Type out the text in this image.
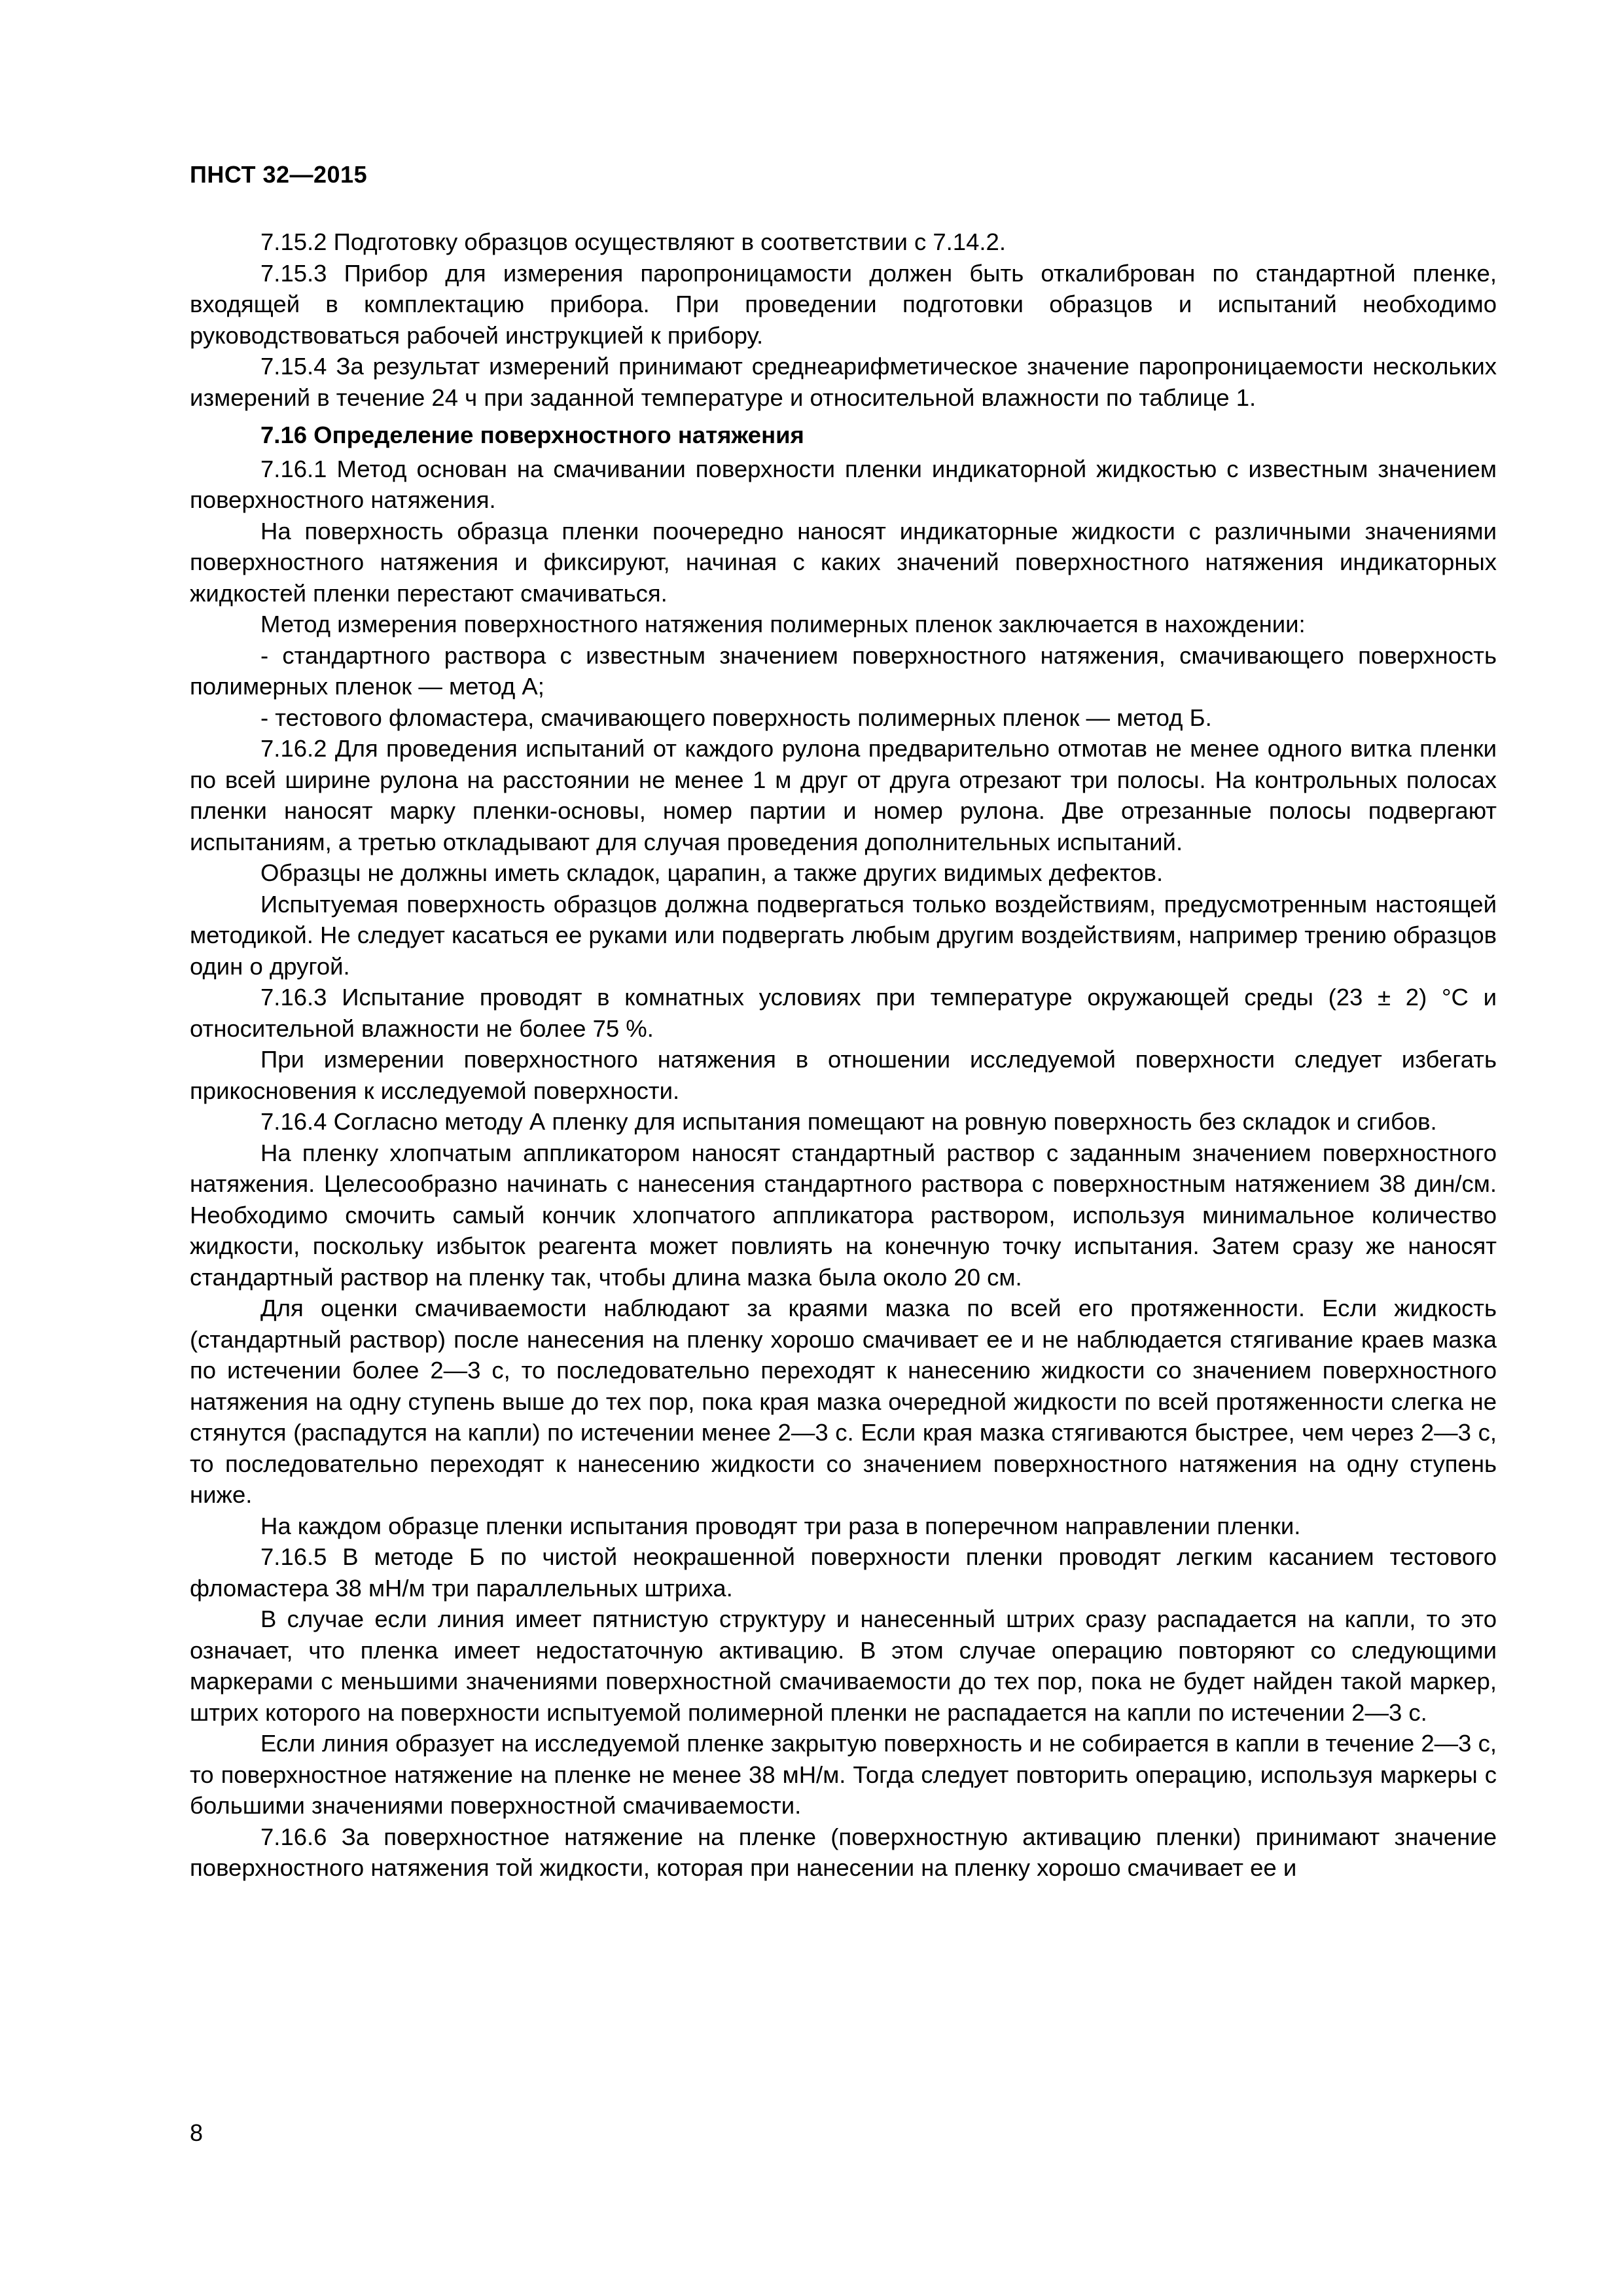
ПНСТ 32—2015

7.15.2 Подготовку образцов осуществляют в соответствии с 7.14.2.

7.15.3 Прибор для измерения паропроницамости должен быть откалиброван по стандартной пленке, входящей в комплектацию прибора. При проведении подготовки образцов и испытаний необходимо руководствоваться рабочей инструкцией к прибору.

7.15.4 За результат измерений принимают среднеарифметическое значение паропроницаемости нескольких измерений в течение 24 ч при заданной температуре и относительной влажности по таблице 1.

7.16 Определение поверхностного натяжения

7.16.1 Метод основан на смачивании поверхности пленки индикаторной жидкостью с известным значением поверхностного натяжения.

На поверхность образца пленки поочередно наносят индикаторные жидкости с различными значениями поверхностного натяжения и фиксируют, начиная с каких значений поверхностного натяжения индикаторных жидкостей пленки перестают смачиваться.

Метод измерения поверхностного натяжения полимерных пленок заключается в нахождении:

- стандартного раствора с известным значением поверхностного натяжения, смачивающего поверхность полимерных пленок — метод А;

- тестового фломастера, смачивающего поверхность полимерных пленок — метод Б.

7.16.2 Для проведения испытаний от каждого рулона предварительно отмотав не менее одного витка пленки по всей ширине рулона на расстоянии не менее 1 м друг от друга отрезают три полосы. На контрольных полосах пленки наносят марку пленки-основы, номер партии и номер рулона. Две отрезанные полосы подвергают испытаниям, а третью откладывают для случая проведения дополнительных испытаний.

Образцы не должны иметь складок, царапин, а также других видимых дефектов.

Испытуемая поверхность образцов должна подвергаться только воздействиям, предусмотренным настоящей методикой. Не следует касаться ее руками или подвергать любым другим воздействиям, например трению образцов один о другой.

7.16.3 Испытание проводят в комнатных условиях при температуре окружающей среды (23 ± 2) °С и относительной влажности не более 75 %.

При измерении поверхностного натяжения в отношении исследуемой поверхности следует избегать прикосновения к исследуемой поверхности.

7.16.4 Согласно методу А пленку для испытания помещают на ровную поверхность без складок и сгибов.

На пленку хлопчатым аппликатором наносят стандартный раствор с заданным значением поверхностного натяжения. Целесообразно начинать с нанесения стандартного раствора с поверхностным натяжением 38 дин/см. Необходимо смочить самый кончик хлопчатого аппликатора раствором, используя минимальное количество жидкости, поскольку избыток реагента может повлиять на конечную точку испытания. Затем сразу же наносят стандартный раствор на пленку так, чтобы длина мазка была около 20 см.

Для оценки смачиваемости наблюдают за краями мазка по всей его протяженности. Если жидкость (стандартный раствор) после нанесения на пленку хорошо смачивает ее и не наблюдается стягивание краев мазка по истечении более 2—3 с, то последовательно переходят к нанесению жидкости со значением поверхностного натяжения на одну ступень выше до тех пор, пока края мазка очередной жидкости по всей протяженности слегка не стянутся (распадутся на капли) по истечении менее 2—3 с. Если края мазка стягиваются быстрее, чем через 2—3 с, то последовательно переходят к нанесению жидкости со значением поверхностного натяжения на одну ступень ниже.

На каждом образце пленки испытания проводят три раза в поперечном направлении пленки.

7.16.5 В методе Б по чистой неокрашенной поверхности пленки проводят легким касанием тестового фломастера 38 мН/м три параллельных штриха.

В случае если линия имеет пятнистую структуру и нанесенный штрих сразу распадается на капли, то это означает, что пленка имеет недостаточную активацию. В этом случае операцию повторяют со следующими маркерами с меньшими значениями поверхностной смачиваемости до тех пор, пока не будет найден такой маркер, штрих которого на поверхности испытуемой полимерной пленки не распадается на капли по истечении 2—3 с.

Если линия образует на исследуемой пленке закрытую поверхность и не собирается в капли в течение 2—3 с, то поверхностное натяжение на пленке не менее 38 мН/м. Тогда следует повторить операцию, используя маркеры с большими значениями поверхностной смачиваемости.

7.16.6 За поверхностное натяжение на пленке (поверхностную активацию пленки) принимают значение поверхностного натяжения той жидкости, которая при нанесении на пленку хорошо смачивает ее и

8
